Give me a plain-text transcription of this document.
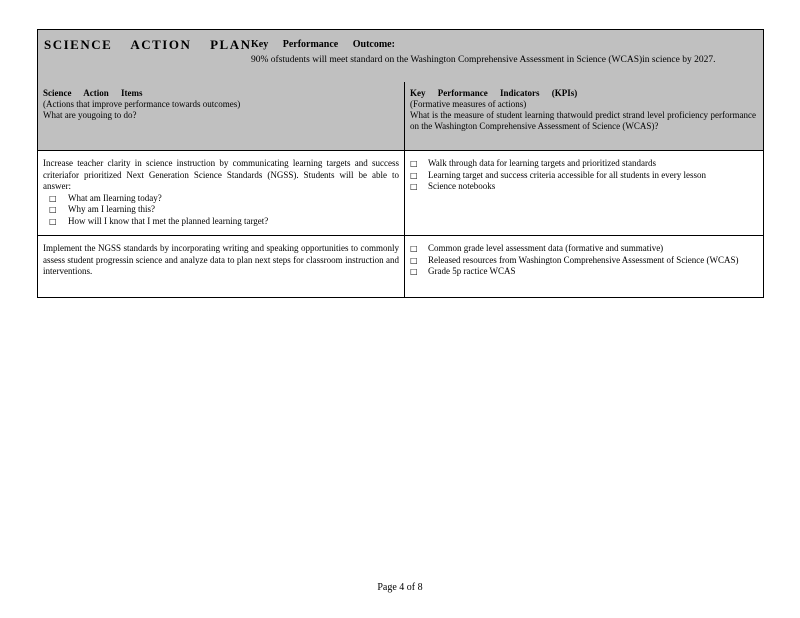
SCIENCE ACTION PLAN Key Performance Outcome:
90% ofstudents will meet standard on the Washington Comprehensive Assessment in Science (WCAS)in science by 2027.
Science Action Items
(Actions that improve performance towards outcomes)
What are yougoing to do?
Key Performance Indicators (KPIs)
(Formative measures of actions)
What is the measure of student learning thatwould predict strand level proficiency performance on the Washington Comprehensive Assessment of Science (WCAS)?
Increase teacher clarity in science instruction by communicating learning targets and success criteriafor prioritized Next Generation Science Standards (NGSS). Students will be able to answer:
□ What am Ilearning today?
□ Why am I learning this?
□ How will I know that I met the planned learning target?
□ Walk through data for learning targets and prioritized standards
□ Learning target and success criteria accessible for all students in every lesson
□ Science notebooks
Implement the NGSS standards by incorporating writing and speaking opportunities to commonly assess student progressin science and analyze data to plan next steps for classroom instruction and interventions.
□ Common grade level assessment data (formative and summative)
□ Released resources from Washington Comprehensive Assessment of Science (WCAS)
□ Grade 5p ractice WCAS
Page 4 of 8
